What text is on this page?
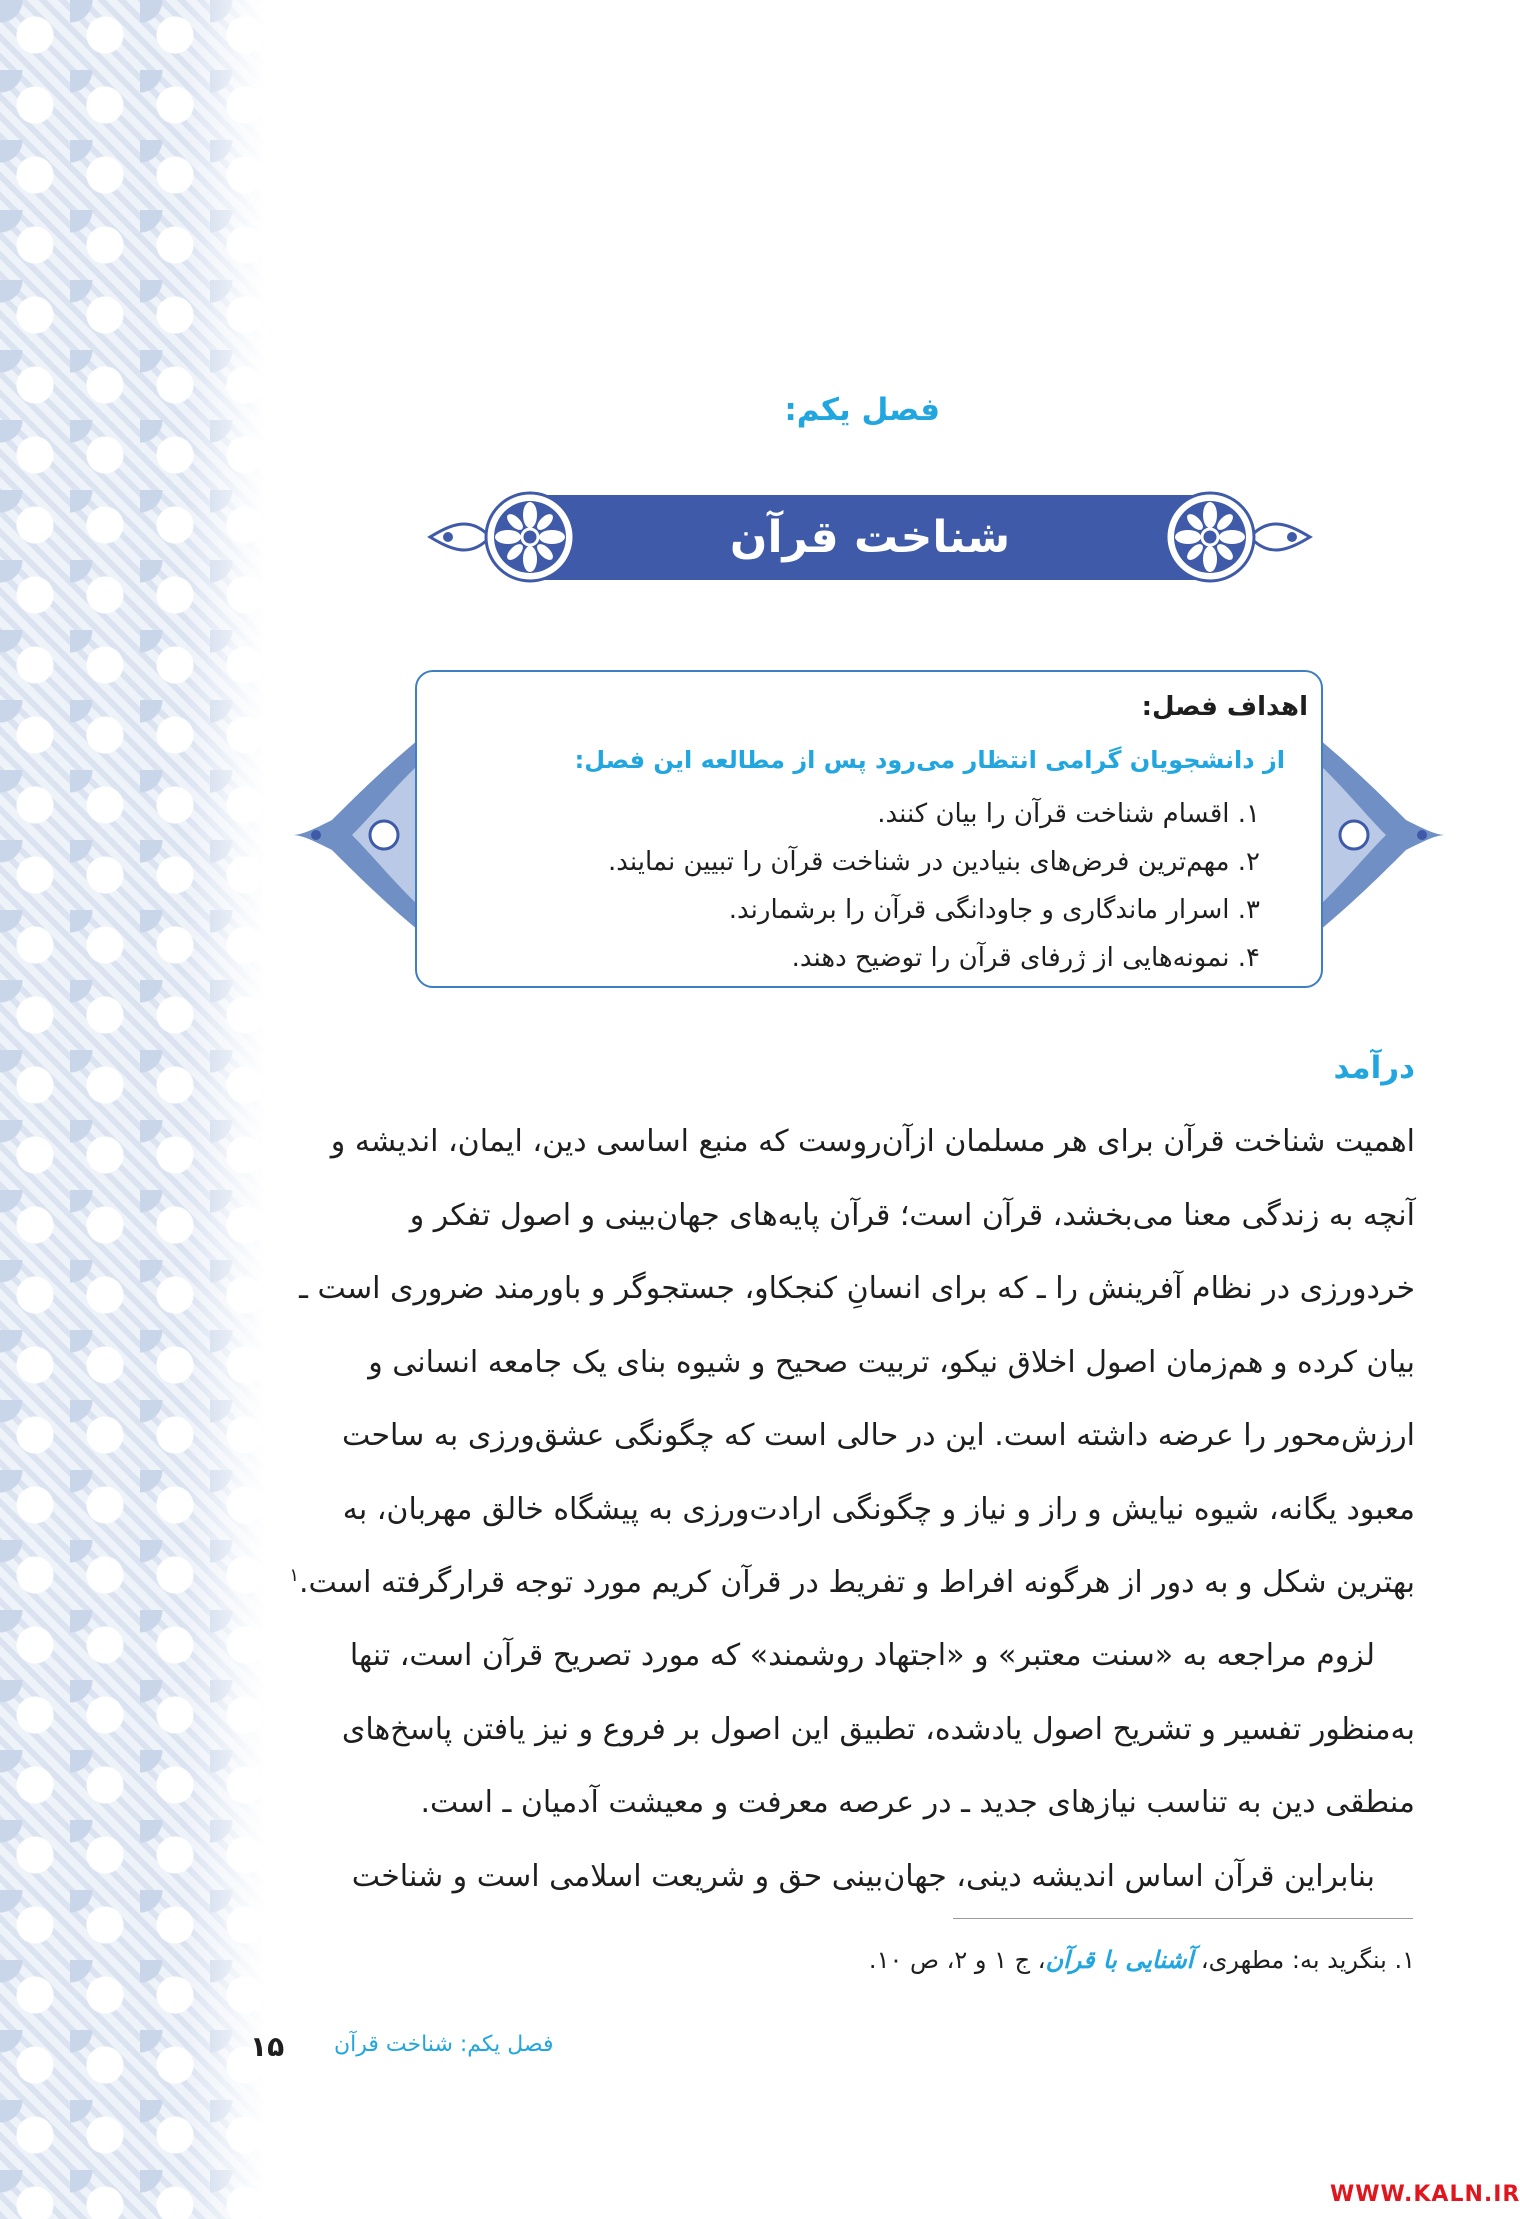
فصل یکم:
شناخت قرآن
اهداف فصل:
از دانشجویان گرامی انتظار می‌رود پس از مطالعه این فصل:
۱. اقسام شناخت قرآن را بیان کنند.
۲. مهم‌ترین فرض‌های بنیادین در شناخت قرآن را تبیین نمایند.
۳. اسرار ماندگاری و جاودانگی قرآن را برشمارند.
۴. نمونه‌هایی از ژرفای قرآن را توضیح دهند.
درآمد
اهمیت شناخت قرآن برای هر مسلمان ازآن‌روست که منبع اساسی دین، ایمان، اندیشه و
آنچه به زندگی معنا می‌بخشد، قرآن است؛ قرآن پایه‌های جهان‌بینی و اصول تفکر و
خردورزی در نظام آفرینش را ـ که برای انسانِ کنجکاو، جستجوگر و باورمند ضروری است ـ
بیان کرده و هم‌زمان اصول اخلاق نیکو، تربیت صحیح و شیوه بنای یک جامعه انسانی و
ارزش‌محور را عرضه داشته است. این در حالی است که چگونگی عشق‌ورزی به ساحت
معبود یگانه، شیوه نیایش و راز و نیاز و چگونگی ارادت‌ورزی به پیشگاه خالق مهربان، به
بهترین شکل و به دور از هرگونه افراط و تفریط در قرآن کریم مورد توجه قرارگرفته است.$^۱$
لزوم مراجعه به «سنت معتبر» و «اجتهاد روشمند» که مورد تصریح قرآن است، تنها
به‌منظور تفسیر و تشریح اصول یادشده، تطبیق این اصول بر فروع و نیز یافتن پاسخ‌های
منطقی دین به تناسب نیازهای جدید ـ در عرصه معرفت و معیشت آدمیان ـ است.
بنابراین قرآن اساس اندیشه دینی، جهان‌بینی حق و شریعت اسلامی است و شناخت
۱. بنگرید به: مطهری، آشنایی با قرآن، ج ۱ و ۲، ص ۱۰.
۱۵	فصل یکم: شناخت قرآن
WWW.KALN.IR
